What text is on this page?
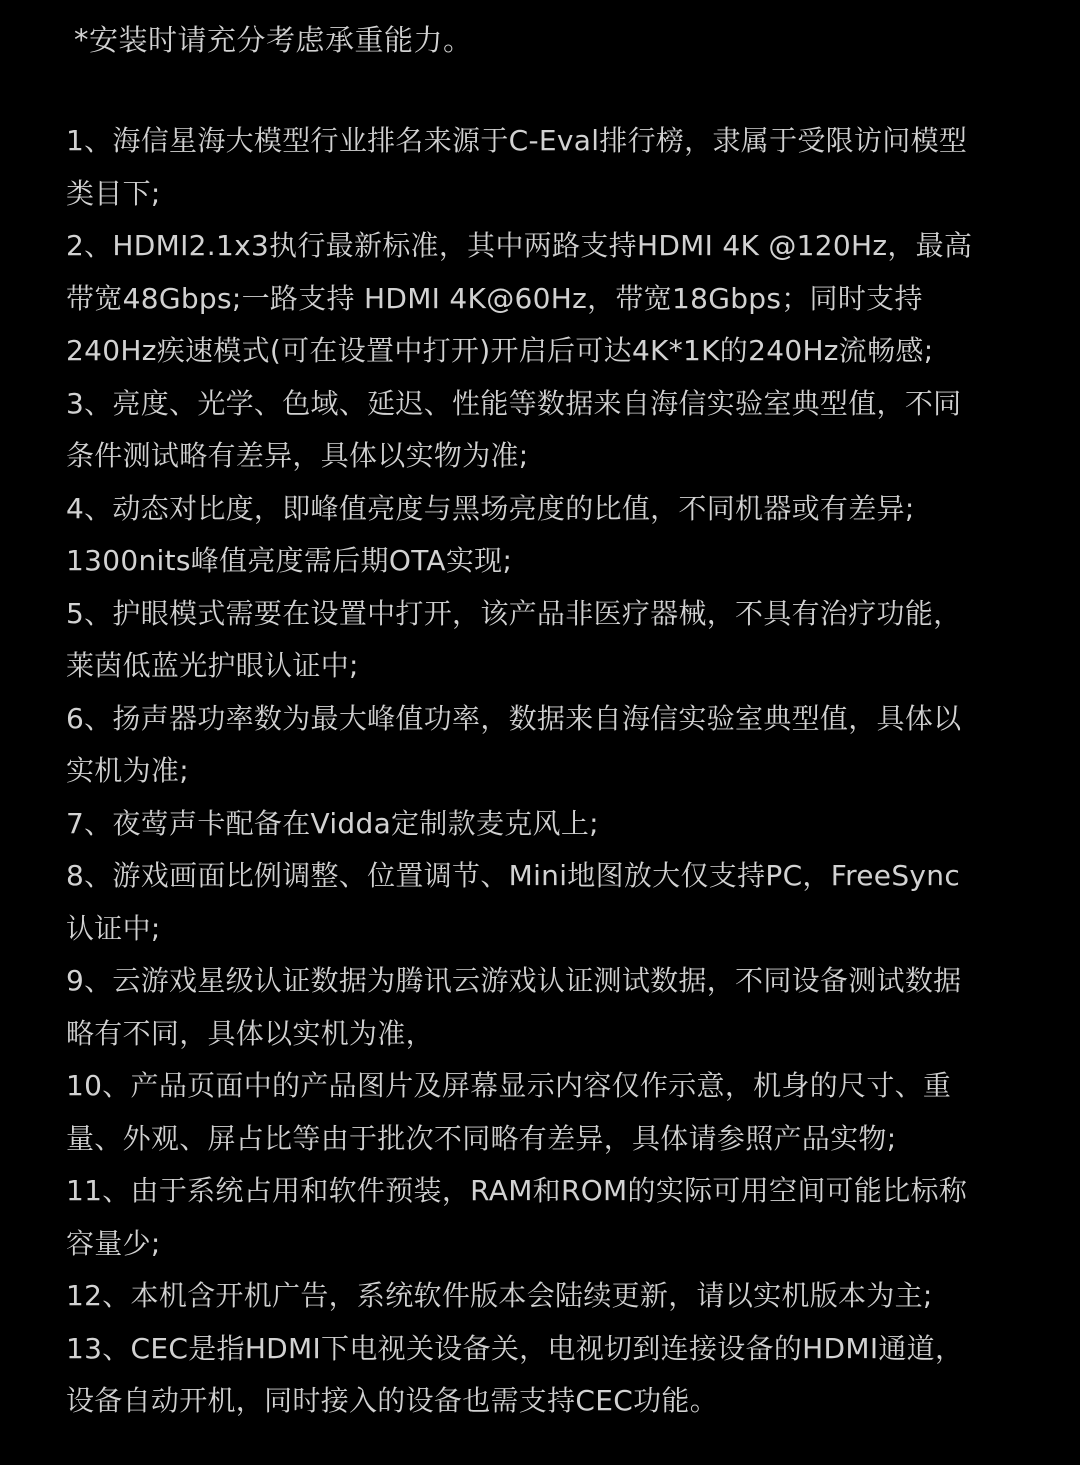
*安装时请充分考虑承重能力。
1、海信星海大模型行业排名来源于C-Eval排行榜，隶属于受限访问模型
类目下;
2、HDMI2.1x3执行最新标准，其中两路支持HDMI 4K @120Hz，最高
带宽48Gbps;一路支持 HDMI 4K@60Hz，带宽18Gbps；同时支持
240Hz疾速模式(可在设置中打开)开启后可达4K*1K的240Hz流畅感;
3、亮度、光学、色域、延迟、性能等数据来自海信实验室典型值，不同
条件测试略有差异，具体以实物为准;
4、动态对比度，即峰值亮度与黑场亮度的比值，不同机器或有差异;
1300nits峰值亮度需后期OTA实现;
5、护眼模式需要在设置中打开，该产品非医疗器械，不具有治疗功能，
莱茵低蓝光护眼认证中;
6、扬声器功率数为最大峰值功率，数据来自海信实验室典型值，具体以
实机为准;
7、夜莺声卡配备在Vidda定制款麦克风上;
8、游戏画面比例调整、位置调节、Mini地图放大仅支持PC，FreeSync
认证中;
9、云游戏星级认证数据为腾讯云游戏认证测试数据，不同设备测试数据
略有不同，具体以实机为准，
10、产品页面中的产品图片及屏幕显示内容仅作示意，机身的尺寸、重
量、外观、屏占比等由于批次不同略有差异，具体请参照产品实物;
11、由于系统占用和软件预装，RAM和ROM的实际可用空间可能比标称
容量少;
12、本机含开机广告，系统软件版本会陆续更新，请以实机版本为主;
13、CEC是指HDMI下电视关设备关，电视切到连接设备的HDMI通道，
设备自动开机，同时接入的设备也需支持CEC功能。
